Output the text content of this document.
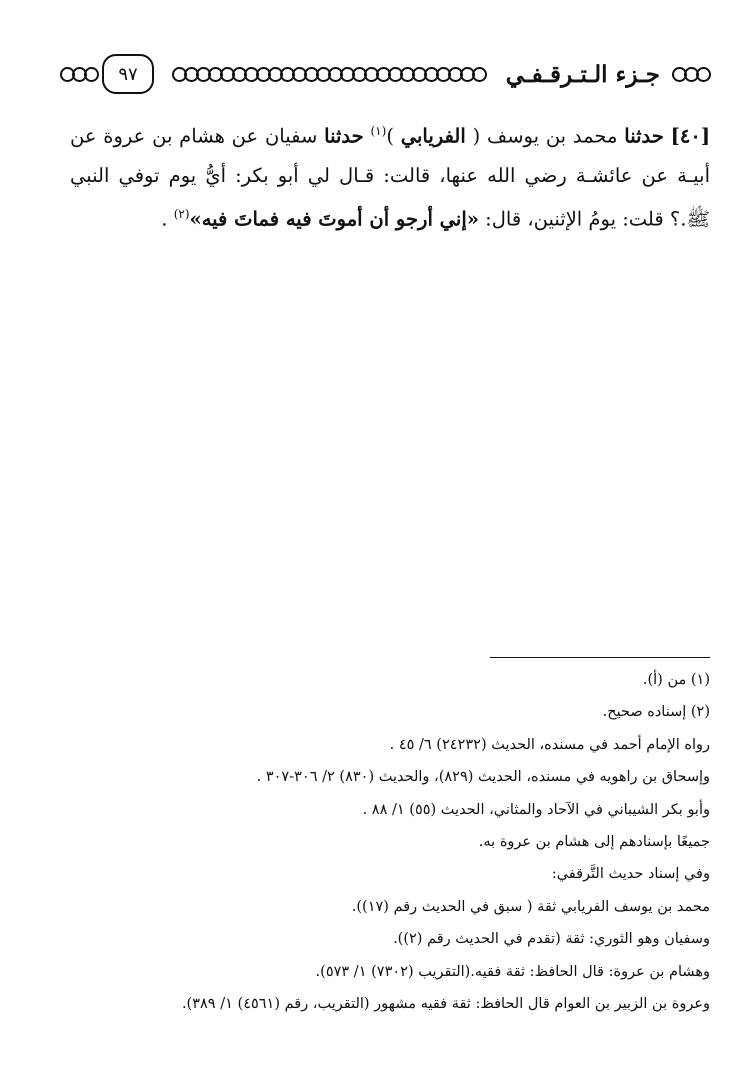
٩٧	جـزء الـتـرقـفـي
[٤٠] حدثنا محمد بن يوسف ( الفريابي )$^{(١)}$ حدثنا سفيان عن هشام بن عروة عن أبيـة عن عائشـة رضي الله عنها، قالت: قـال لي أبو بكر: أيُّ يوم توفي النبي ﷺ.؟ قلت: يومُ الإثنين، قال: «إني أرجو أن أموتَ فيه فماتَ فيه»$^{(٢)}$ .
(١) من (أ).
(٢) إسناده صحيح.
رواه الإمام أحمد في مسنده، الحديث (٢٤٢٣٢) ٦/ ٤٥ .
وإسحاق بن راهويه في مسنده، الحديث (٨٢٩)، والحديث (٨٣٠) ٢/ ٣٠٦-٣٠٧ .
وأبو بكر الشيباني في الآحاد والمثاني، الحديث (٥٥) ١/ ٨٨ .
جميعًا بإسنادهم إلى هشام بن عروة به.
وفي إسناد حديث التَّرقفي:
محمد بن يوسف الفريابي ثقة ( سبق في الحديث رقم (١٧)).
وسفيان وهو الثوري: ثقة (تقدم في الحديث رقم (٢)).
وهشام بن عروة: قال الحافظ: ثقة فقيه.(التقريب (٧٣٠٢) ١/ ٥٧٣).
وعروة بن الزبير بن العوام قال الحافظ: ثقة فقيه مشهور (التقريب، رقم (٤٥٦١) ١/ ٣٨٩).
